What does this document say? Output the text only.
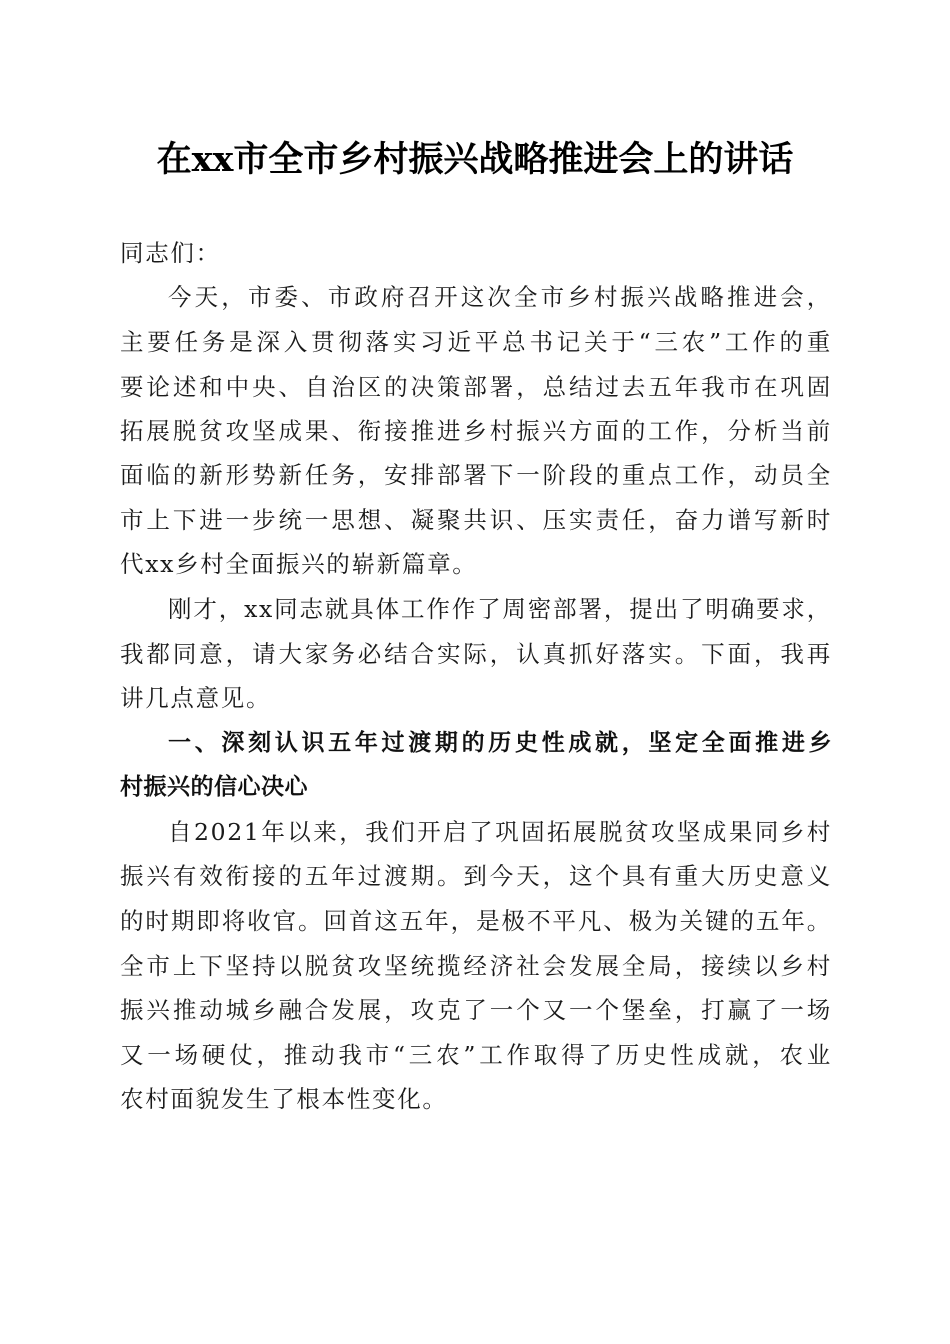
在xx市全市乡村振兴战略推进会上的讲话
同志们：
今天，市委、市政府召开这次全市乡村振兴战略推进会，
主要任务是深入贯彻落实习近平总书记关于“三农”工作的重
要论述和中央、自治区的决策部署，总结过去五年我市在巩固
拓展脱贫攻坚成果、衔接推进乡村振兴方面的工作，分析当前
面临的新形势新任务，安排部署下一阶段的重点工作，动员全
市上下进一步统一思想、凝聚共识、压实责任，奋力谱写新时
代xx乡村全面振兴的崭新篇章。
刚才，xx同志就具体工作作了周密部署，提出了明确要求，
我都同意，请大家务必结合实际，认真抓好落实。下面，我再
讲几点意见。
一、深刻认识五年过渡期的历史性成就，坚定全面推进乡
村振兴的信心决心
自2021年以来，我们开启了巩固拓展脱贫攻坚成果同乡村
振兴有效衔接的五年过渡期。到今天，这个具有重大历史意义
的时期即将收官。回首这五年，是极不平凡、极为关键的五年。
全市上下坚持以脱贫攻坚统揽经济社会发展全局，接续以乡村
振兴推动城乡融合发展，攻克了一个又一个堡垒，打赢了一场
又一场硬仗，推动我市“三农”工作取得了历史性成就，农业
农村面貌发生了根本性变化。
